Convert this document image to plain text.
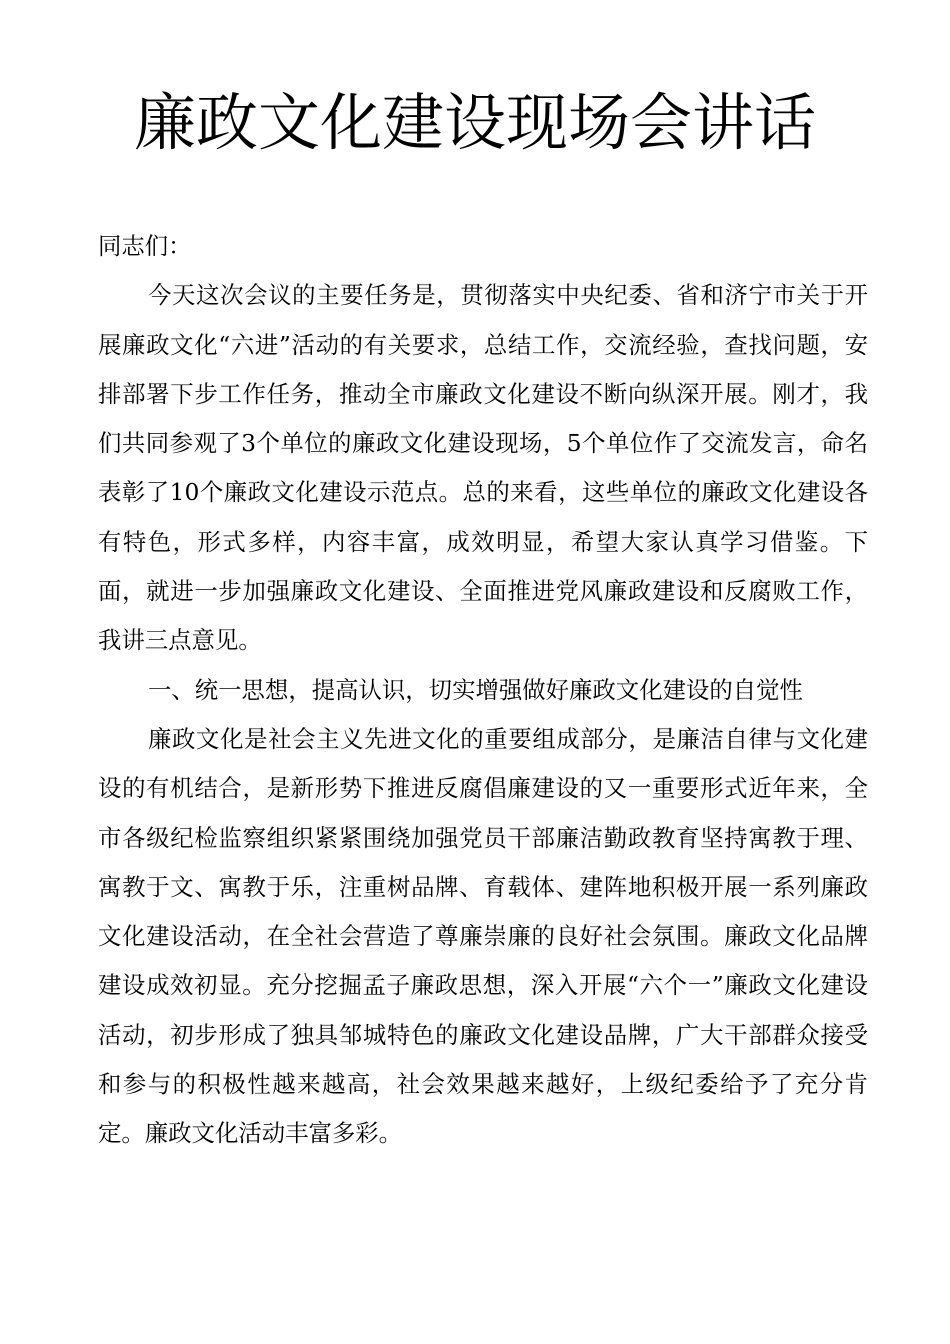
廉政文化建设现场会讲话

同志们：

今天这次会议的主要任务是，贯彻落实中央纪委、省和济宁市关于开展廉政文化“六进”活动的有关要求，总结工作，交流经验，查找问题，安排部署下步工作任务，推动全市廉政文化建设不断向纵深开展。刚才，我们共同参观了3个单位的廉政文化建设现场，5个单位作了交流发言，命名表彰了10个廉政文化建设示范点。总的来看，这些单位的廉政文化建设各有特色，形式多样，内容丰富，成效明显，希望大家认真学习借鉴。下面，就进一步加强廉政文化建设、全面推进党风廉政建设和反腐败工作，我讲三点意见。

一、统一思想，提高认识，切实增强做好廉政文化建设的自觉性

廉政文化是社会主义先进文化的重要组成部分，是廉洁自律与文化建设的有机结合，是新形势下推进反腐倡廉建设的又一重要形式近年来，全市各级纪检监察组织紧紧围绕加强党员干部廉洁勤政教育坚持寓教于理、寓教于文、寓教于乐，注重树品牌、育载体、建阵地积极开展一系列廉政文化建设活动，在全社会营造了尊廉崇廉的良好社会氛围。廉政文化品牌建设成效初显。充分挖掘孟子廉政思想，深入开展“六个一”廉政文化建设活动，初步形成了独具邹城特色的廉政文化建设品牌，广大干部群众接受和参与的积极性越来越高，社会效果越来越好，上级纪委给予了充分肯定。廉政文化活动丰富多彩。
